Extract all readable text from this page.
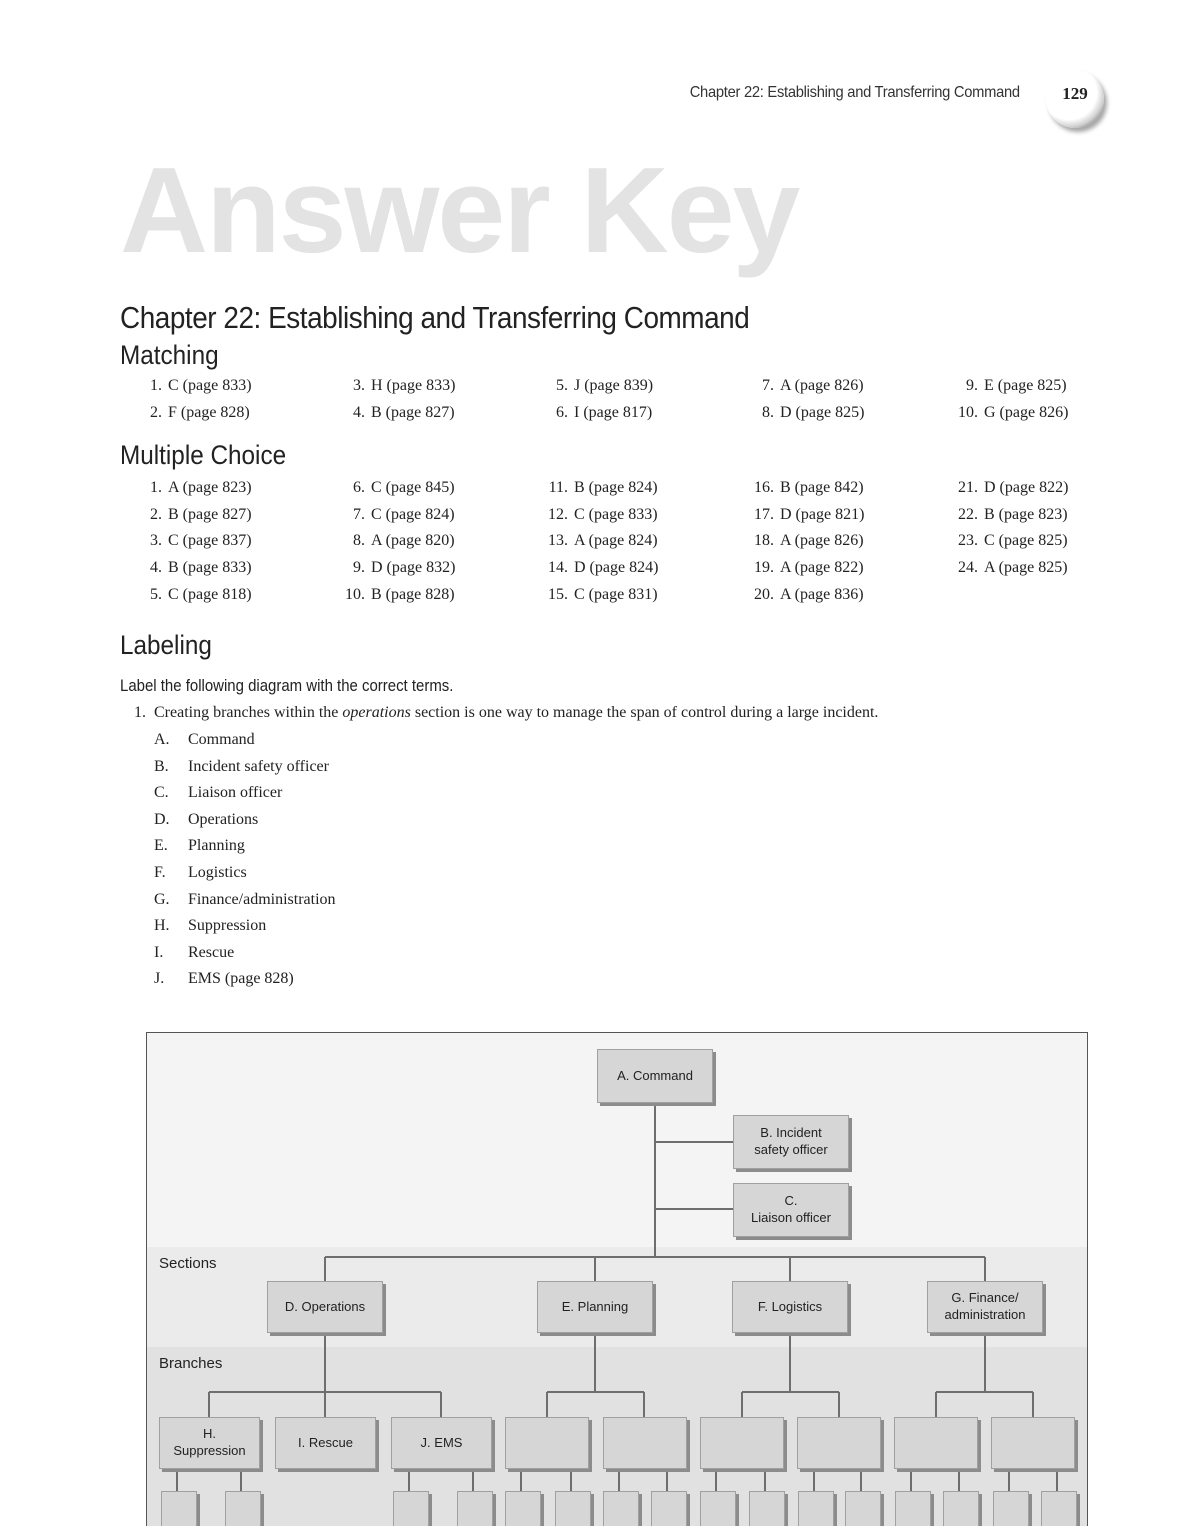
Chapter 22: Establishing and Transferring Command	129
Answer Key
Chapter 22: Establishing and Transferring Command
Matching
1. C (page 833)	3. H (page 833)	5. J (page 839)	7. A (page 826)	9. E (page 825)
2. F (page 828)	4. B (page 827)	6. I (page 817)	8. D (page 825)	10. G (page 826)
Multiple Choice
1. A (page 823)	6. C (page 845)	11. B (page 824)	16. B (page 842)	21. D (page 822)
2. B (page 827)	7. C (page 824)	12. C (page 833)	17. D (page 821)	22. B (page 823)
3. C (page 837)	8. A (page 820)	13. A (page 824)	18. A (page 826)	23. C (page 825)
4. B (page 833)	9. D (page 832)	14. D (page 824)	19. A (page 822)	24. A (page 825)
5. C (page 818)	10. B (page 828)	15. C (page 831)	20. A (page 836)
Labeling
Label the following diagram with the correct terms.
1. Creating branches within the operations section is one way to manage the span of control during a large incident.
A. Command
B. Incident safety officer
C. Liaison officer
D. Operations
E. Planning
F. Logistics
G. Finance/administration
H. Suppression
I. Rescue
J. EMS (page 828)
Sections
Branches
A. Command
B. Incident
safety officer
C.
Liaison officer
D. Operations	E. Planning	F. Logistics
G. Finance/
administration
H.
Suppression
I. Rescue	J. EMS
